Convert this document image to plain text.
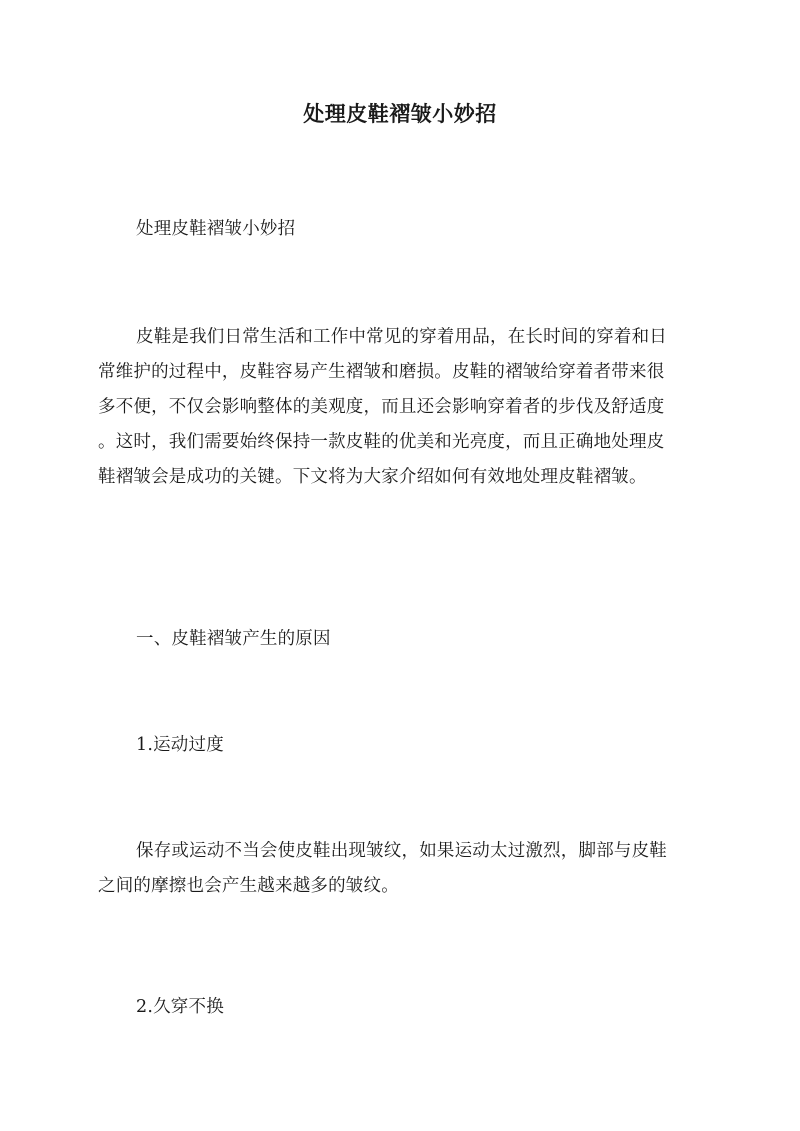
处理皮鞋褶皱小妙招

处理皮鞋褶皱小妙招

皮鞋是我们日常生活和工作中常见的穿着用品，在长时间的穿着和日
常维护的过程中，皮鞋容易产生褶皱和磨损。皮鞋的褶皱给穿着者带来很
多不便，不仅会影响整体的美观度，而且还会影响穿着者的步伐及舒适度
。这时，我们需要始终保持一款皮鞋的优美和光亮度，而且正确地处理皮
鞋褶皱会是成功的关键。下文将为大家介绍如何有效地处理皮鞋褶皱。

一、皮鞋褶皱产生的原因

1.运动过度

保存或运动不当会使皮鞋出现皱纹，如果运动太过激烈，脚部与皮鞋
之间的摩擦也会产生越来越多的皱纹。

2.久穿不换
